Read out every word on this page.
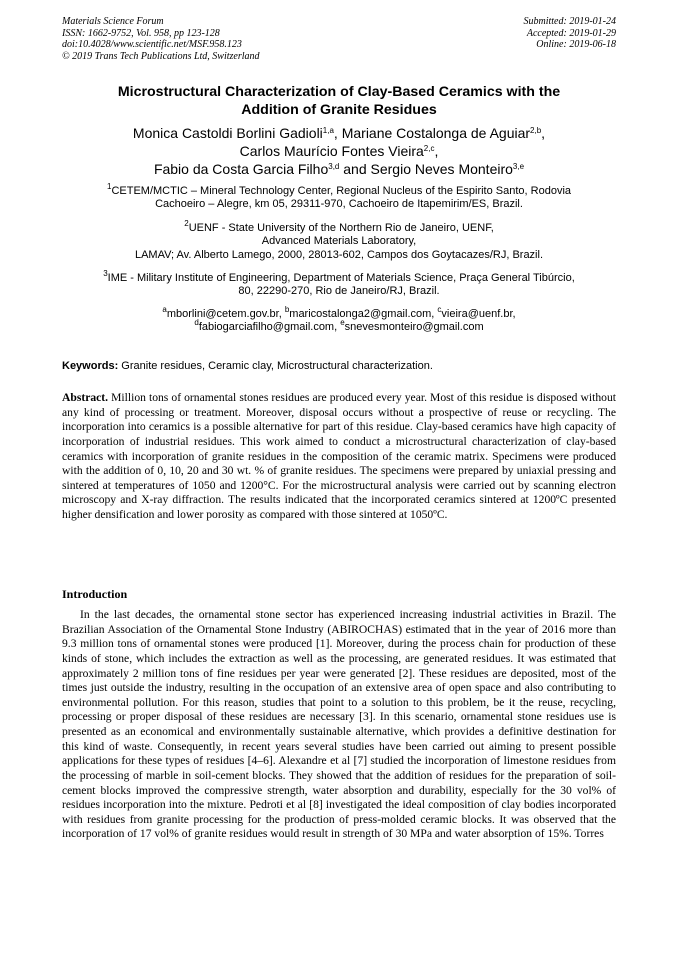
Materials Science Forum
ISSN: 1662-9752, Vol. 958, pp 123-128
doi:10.4028/www.scientific.net/MSF.958.123
© 2019 Trans Tech Publications Ltd, Switzerland
Submitted: 2019-01-24
Accepted: 2019-01-29
Online: 2019-06-18
Microstructural Characterization of Clay-Based Ceramics with the
Addition of Granite Residues
Monica Castoldi Borlini Gadioli$^{1,a}$, Mariane Costalonga de Aguiar$^{2,b}$,
Carlos Maurício Fontes Vieira$^{2,c}$,
Fabio da Costa Garcia Filho$^{3,d}$ and Sergio Neves Monteiro$^{3,e}$
$^1$CETEM/MCTIC – Mineral Technology Center, Regional Nucleus of the Espirito Santo, Rodovia
Cachoeiro – Alegre, km 05, 29311-970, Cachoeiro de Itapemirim/ES, Brazil.
$^2$UENF - State University of the Northern Rio de Janeiro, UENF,
Advanced Materials Laboratory,
LAMAV; Av. Alberto Lamego, 2000, 28013-602, Campos dos Goytacazes/RJ, Brazil.
$^3$IME - Military Institute of Engineering, Department of Materials Science, Praça General Tibúrcio,
80, 22290-270, Rio de Janeiro/RJ, Brazil.
$^a$mborlini@cetem.gov.br, $^b$maricostalonga2@gmail.com, $^c$vieira@uenf.br,
$^d$fabiogarciafilho@gmail.com, $^e$snevesmonteiro@gmail.com
Keywords: Granite residues, Ceramic clay, Microstructural characterization.

Abstract. Million tons of ornamental stones residues are produced every year. Most of this residue is disposed without any kind of processing or treatment. Moreover, disposal occurs without a prospective of reuse or recycling. The incorporation into ceramics is a possible alternative for part of this residue. Clay-based ceramics have high capacity of incorporation of industrial residues. This work aimed to conduct a microstructural characterization of clay-based ceramics with incorporation of granite residues in the composition of the ceramic matrix. Specimens were produced with the addition of 0, 10, 20 and 30 wt. % of granite residues. The specimens were prepared by uniaxial pressing and sintered at temperatures of 1050 and 1200°C. For the microstructural analysis were carried out by scanning electron microscopy and X-ray diffraction. The results indicated that the incorporated ceramics sintered at 1200ºC presented higher densification and lower porosity as compared with those sintered at 1050ºC.

Introduction

In the last decades, the ornamental stone sector has experienced increasing industrial activities in Brazil. The Brazilian Association of the Ornamental Stone Industry (ABIROCHAS) estimated that in the year of 2016 more than 9.3 million tons of ornamental stones were produced [1]. Moreover, during the process chain for production of these kinds of stone, which includes the extraction as well as the processing, are generated residues. It was estimated that approximately 2 million tons of fine residues per year were generated [2]. These residues are deposited, most of the times just outside the industry, resulting in the occupation of an extensive area of open space and also contributing to environmental pollution. For this reason, studies that point to a solution to this problem, be it the reuse, recycling, processing or proper disposal of these residues are necessary [3]. In this scenario, ornamental stone residues use is presented as an economical and environmentally sustainable alternative, which provides a definitive destination for this kind of waste. Consequently, in recent years several studies have been carried out aiming to present possible applications for these types of residues [4–6]. Alexandre et al [7] studied the incorporation of limestone residues from the processing of marble in soil-cement blocks. They showed that the addition of residues for the preparation of soil-cement blocks improved the compressive strength, water absorption and durability, especially for the 30 vol% of residues incorporation into the mixture. Pedroti et al [8] investigated the ideal composition of clay bodies incorporated with residues from granite processing for the production of press-molded ceramic blocks. It was observed that the incorporation of 17 vol% of granite residues would result in strength of 30 MPa and water absorption of 15%. Torres
